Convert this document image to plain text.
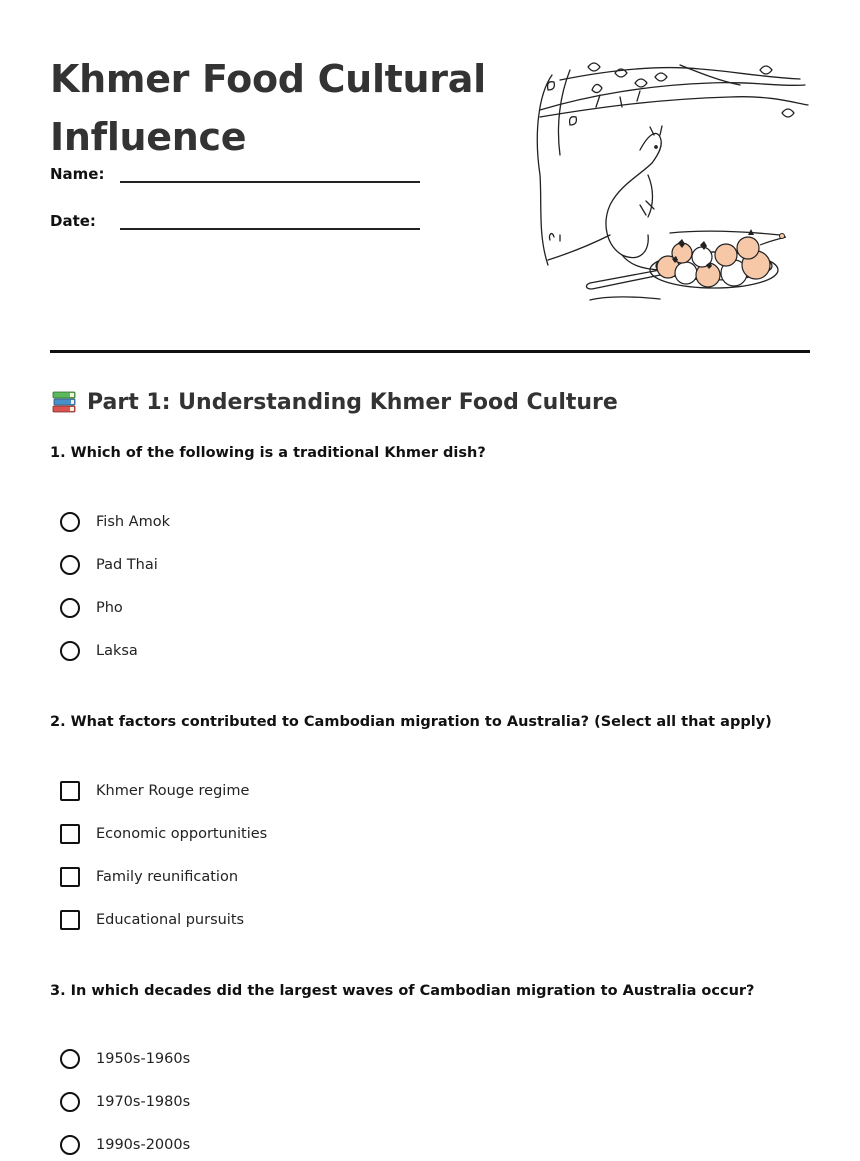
Khmer Food Cultural Influence
Name:
Date:
Part 1: Understanding Khmer Food Culture

1. Which of the following is a traditional Khmer dish?

Fish Amok
Pad Thai
Pho
Laksa

2. What factors contributed to Cambodian migration to Australia? (Select all that apply)

Khmer Rouge regime
Economic opportunities
Family reunification
Educational pursuits

3. In which decades did the largest waves of Cambodian migration to Australia occur?

1950s-1960s
1970s-1980s
1990s-2000s
